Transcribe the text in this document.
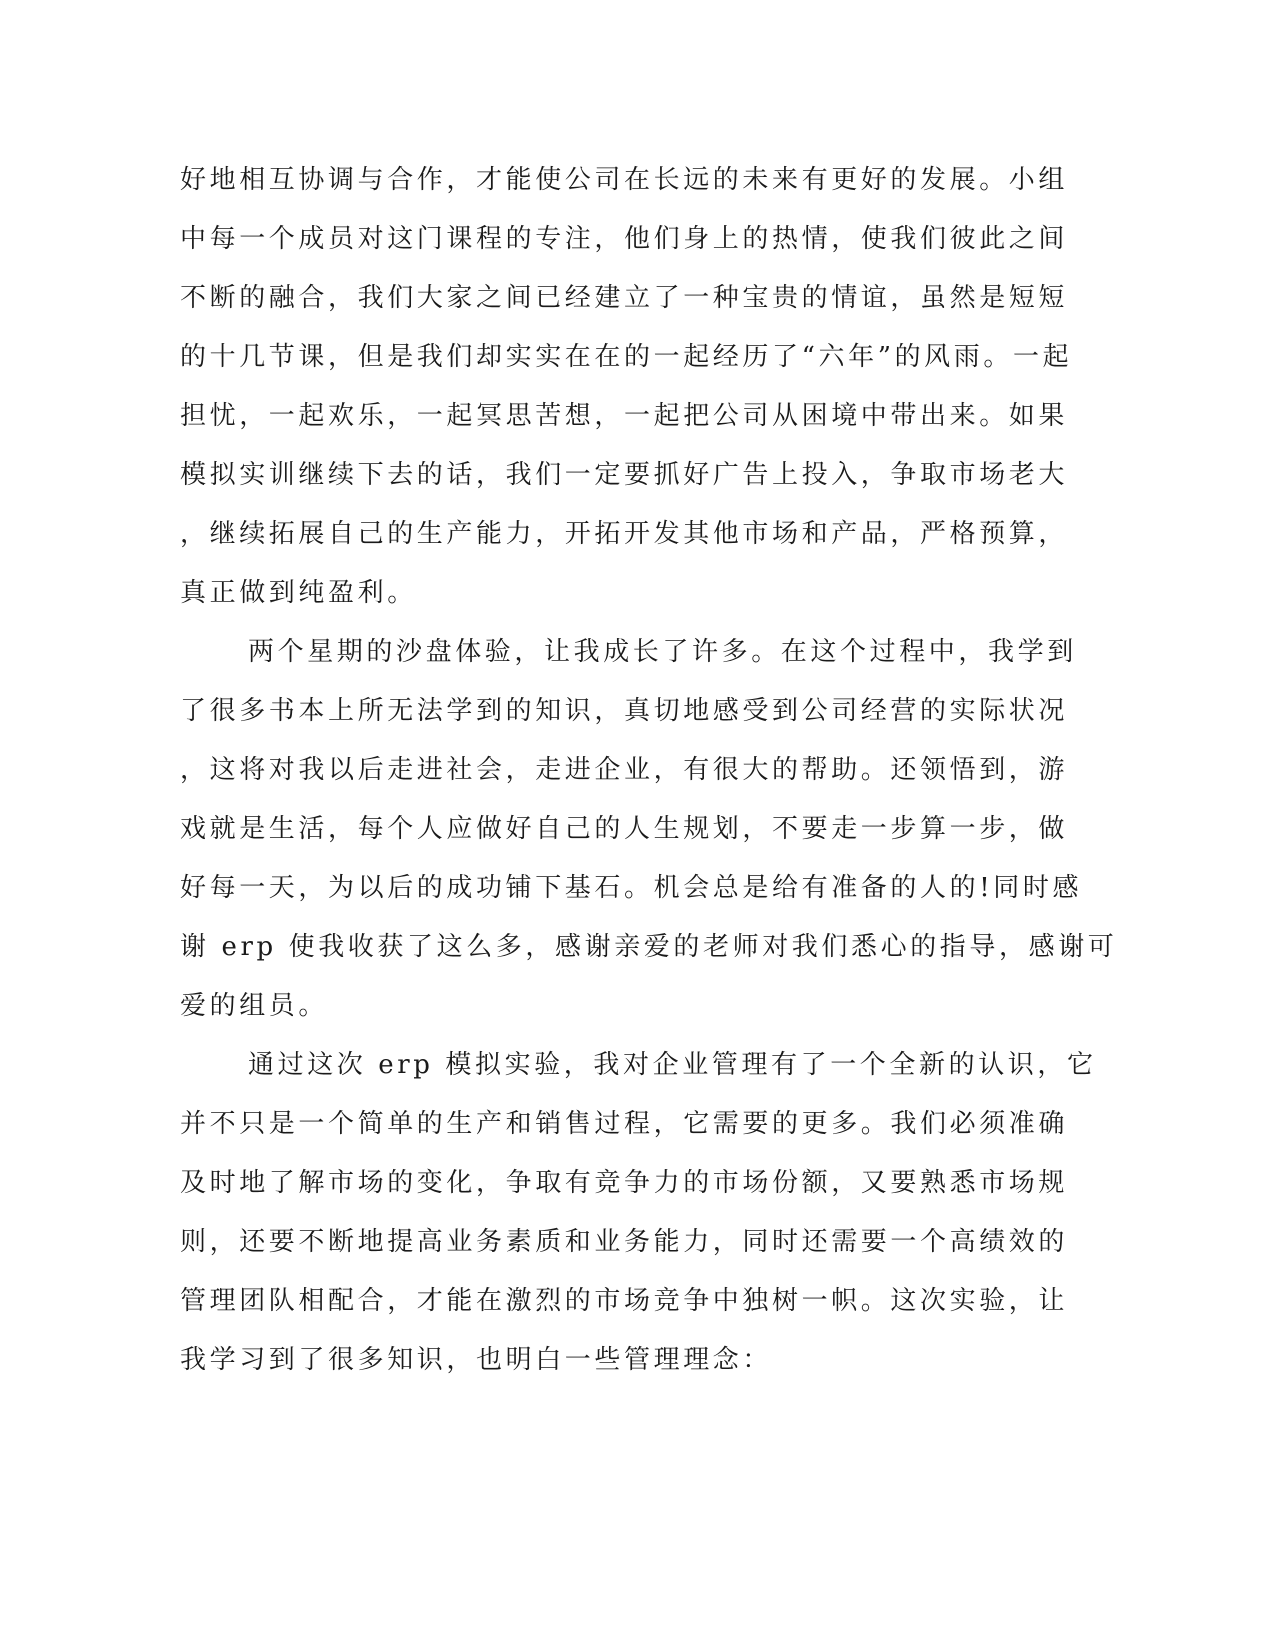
好地相互协调与合作，才能使公司在长远的未来有更好的发展。小组
中每一个成员对这门课程的专注，他们身上的热情，使我们彼此之间
不断的融合，我们大家之间已经建立了一种宝贵的情谊，虽然是短短
的十几节课，但是我们却实实在在的一起经历了“六年”的风雨。一起
担忧，一起欢乐，一起冥思苦想，一起把公司从困境中带出来。如果
模拟实训继续下去的话，我们一定要抓好广告上投入，争取市场老大
，继续拓展自己的生产能力，开拓开发其他市场和产品，严格预算，
真正做到纯盈利。
两个星期的沙盘体验，让我成长了许多。在这个过程中，我学到
了很多书本上所无法学到的知识，真切地感受到公司经营的实际状况
，这将对我以后走进社会，走进企业，有很大的帮助。还领悟到，游
戏就是生活，每个人应做好自己的人生规划，不要走一步算一步，做
好每一天，为以后的成功铺下基石。机会总是给有准备的人的!同时感
谢 erp 使我收获了这么多，感谢亲爱的老师对我们悉心的指导，感谢可
爱的组员。
通过这次 erp 模拟实验，我对企业管理有了一个全新的认识，它
并不只是一个简单的生产和销售过程，它需要的更多。我们必须准确
及时地了解市场的变化，争取有竞争力的市场份额，又要熟悉市场规
则，还要不断地提高业务素质和业务能力，同时还需要一个高绩效的
管理团队相配合，才能在激烈的市场竞争中独树一帜。这次实验，让
我学习到了很多知识，也明白一些管理理念：
